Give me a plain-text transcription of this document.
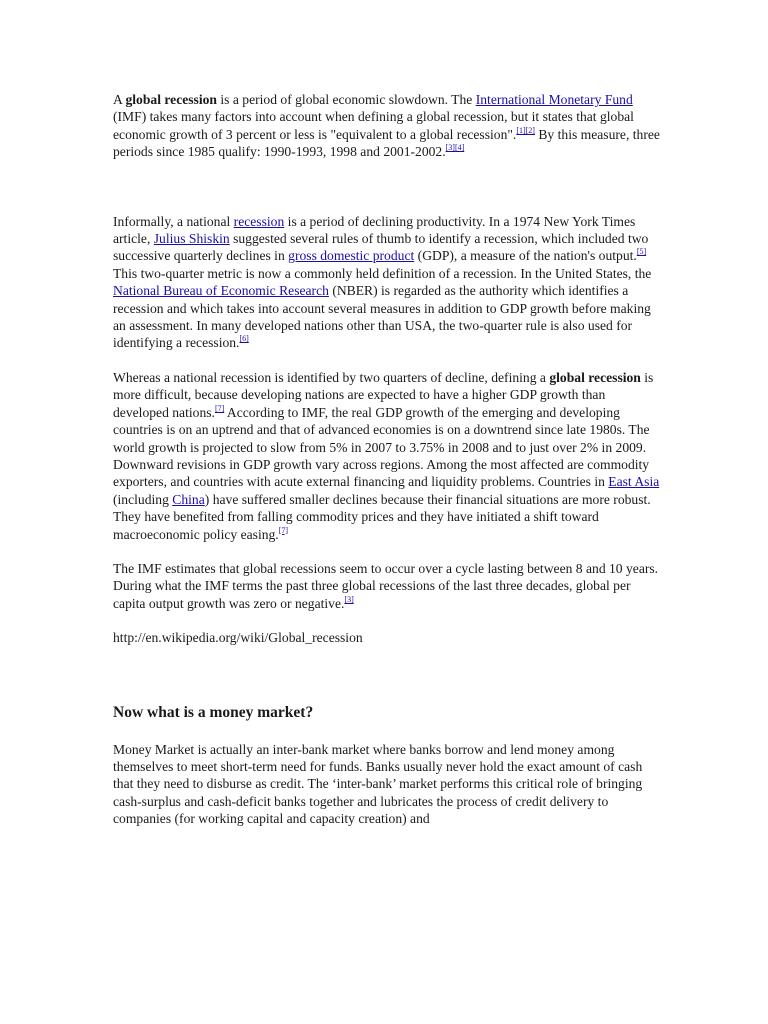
A global recession is a period of global economic slowdown. The International Monetary Fund (IMF) takes many factors into account when defining a global recession, but it states that global economic growth of 3 percent or less is "equivalent to a global recession".[1][2] By this measure, three periods since 1985 qualify: 1990-1993, 1998 and 2001-2002.[3][4]

Informally, a national recession is a period of declining productivity. In a 1974 New York Times article, Julius Shiskin suggested several rules of thumb to identify a recession, which included two successive quarterly declines in gross domestic product (GDP), a measure of the nation's output.[5] This two-quarter metric is now a commonly held definition of a recession. In the United States, the National Bureau of Economic Research (NBER) is regarded as the authority which identifies a recession and which takes into account several measures in addition to GDP growth before making an assessment. In many developed nations other than USA, the two-quarter rule is also used for identifying a recession.[6]

Whereas a national recession is identified by two quarters of decline, defining a global recession is more difficult, because developing nations are expected to have a higher GDP growth than developed nations.[7] According to IMF, the real GDP growth of the emerging and developing countries is on an uptrend and that of advanced economies is on a downtrend since late 1980s. The world growth is projected to slow from 5% in 2007 to 3.75% in 2008 and to just over 2% in 2009. Downward revisions in GDP growth vary across regions. Among the most affected are commodity exporters, and countries with acute external financing and liquidity problems. Countries in East Asia (including China) have suffered smaller declines because their financial situations are more robust. They have benefited from falling commodity prices and they have initiated a shift toward macroeconomic policy easing.[7]

The IMF estimates that global recessions seem to occur over a cycle lasting between 8 and 10 years. During what the IMF terms the past three global recessions of the last three decades, global per capita output growth was zero or negative.[3]

http://en.wikipedia.org/wiki/Global_recession

Now what is a money market?

Money Market is actually an inter-bank market where banks borrow and lend money among themselves to meet short-term need for funds. Banks usually never hold the exact amount of cash that they need to disburse as credit. The ‘inter-bank’ market performs this critical role of bringing cash-surplus and cash-deficit banks together and lubricates the process of credit delivery to companies (for working capital and capacity creation) and
